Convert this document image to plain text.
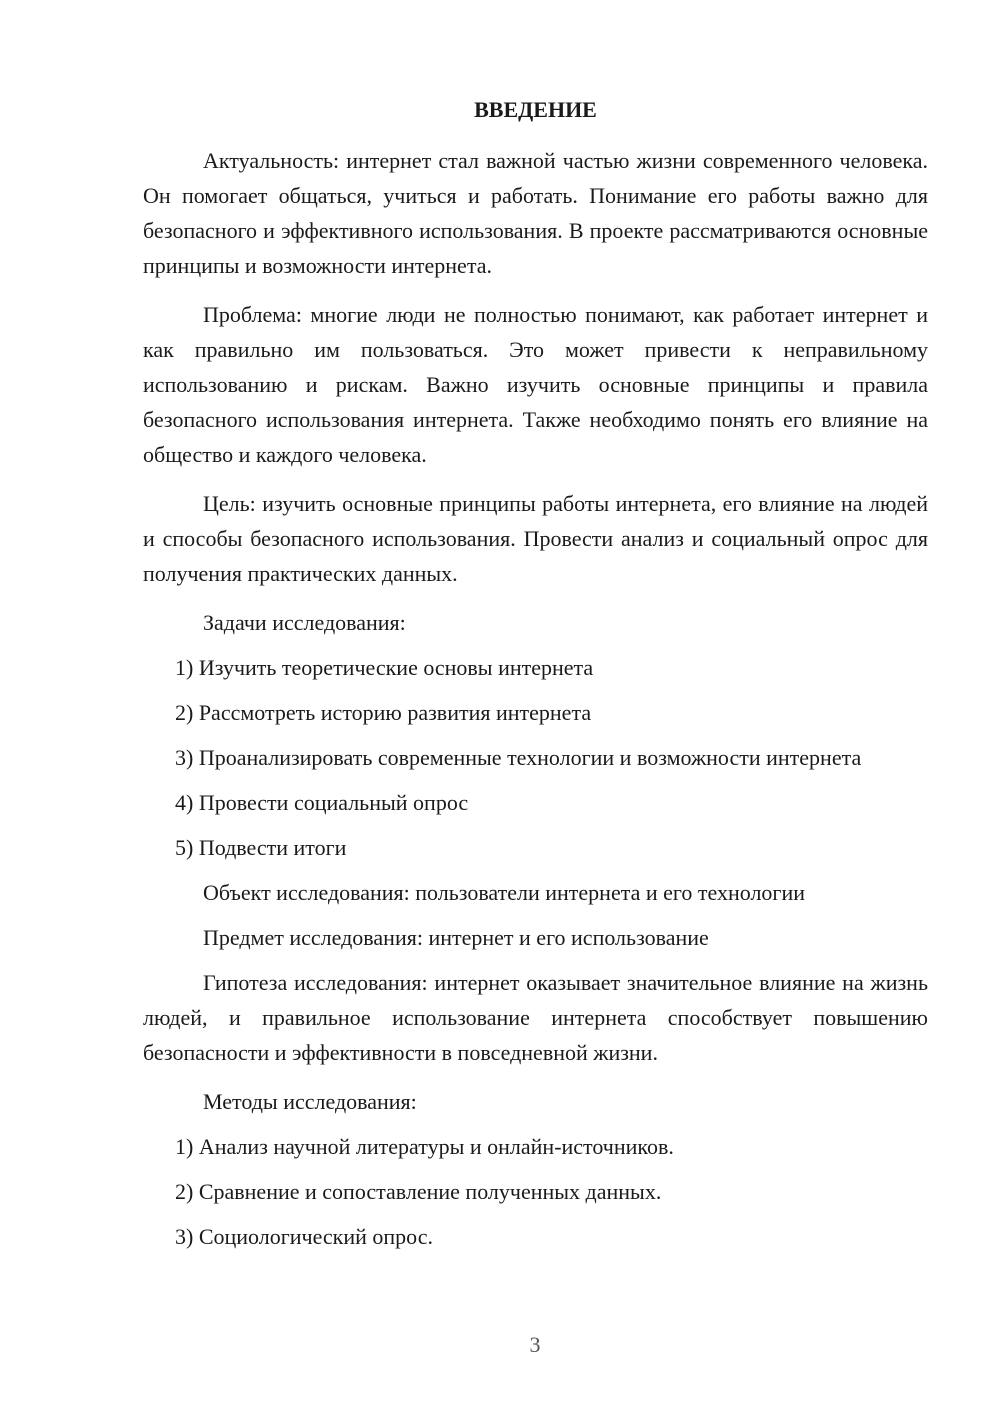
ВВЕДЕНИЕ

Актуальность: интернет стал важной частью жизни современного человека. Он помогает общаться, учиться и работать. Понимание его работы важно для безопасного и эффективного использования. В проекте рассматриваются основные принципы и возможности интернета.

Проблема: многие люди не полностью понимают, как работает интернет и как правильно им пользоваться. Это может привести к неправильному использованию и рискам. Важно изучить основные принципы и правила безопасного использования интернета. Также необходимо понять его влияние на общество и каждого человека.

Цель: изучить основные принципы работы интернета, его влияние на людей и способы безопасного использования. Провести анализ и социальный опрос для получения практических данных.

Задачи исследования:
1) Изучить теоретические основы интернета
2) Рассмотреть историю развития интернета
3) Проанализировать современные технологии и возможности интернета
4) Провести социальный опрос
5) Подвести итоги
Объект исследования: пользователи интернета и его технологии
Предмет исследования: интернет и его использование

Гипотеза исследования: интернет оказывает значительное влияние на жизнь людей, и правильное использование интернета способствует повышению безопасности и эффективности в повседневной жизни.

Методы исследования:
1) Анализ научной литературы и онлайн-источников.
2) Сравнение и сопоставление полученных данных.
3) Социологический опрос.
3
